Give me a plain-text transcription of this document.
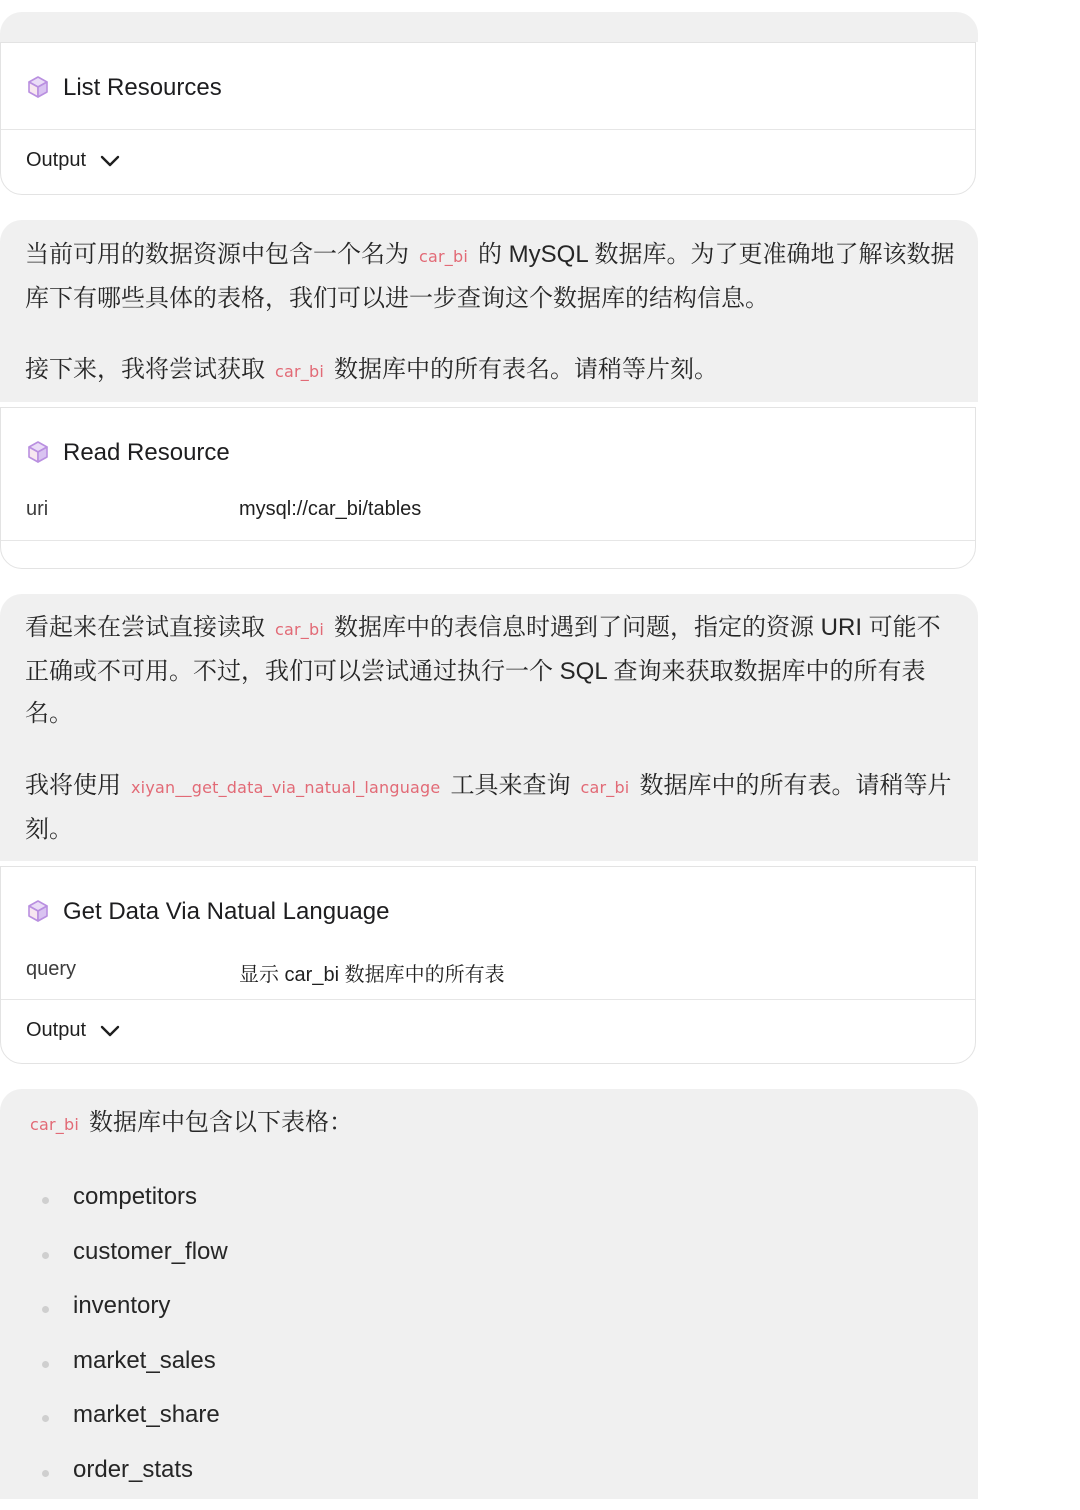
List Resources
Output
当前可用的数据资源中包含一个名为 car_bi 的 MySQL 数据库。为了更准确地了解该数据库下有哪些具体的表格，我们可以进一步查询这个数据库的结构信息。
接下来，我将尝试获取 car_bi 数据库中的所有表名。请稍等片刻。
Read Resource
uri	mysql://car_bi/tables
看起来在尝试直接读取 car_bi 数据库中的表信息时遇到了问题，指定的资源 URI 可能不正确或不可用。不过，我们可以尝试通过执行一个 SQL 查询来获取数据库中的所有表名。
我将使用 xiyan__get_data_via_natual_language 工具来查询 car_bi 数据库中的所有表。请稍等片刻。
Get Data Via Natual Language
query	显示 car_bi 数据库中的所有表
Output
car_bi 数据库中包含以下表格：
competitors
customer_flow
inventory
market_sales
market_share
order_stats
